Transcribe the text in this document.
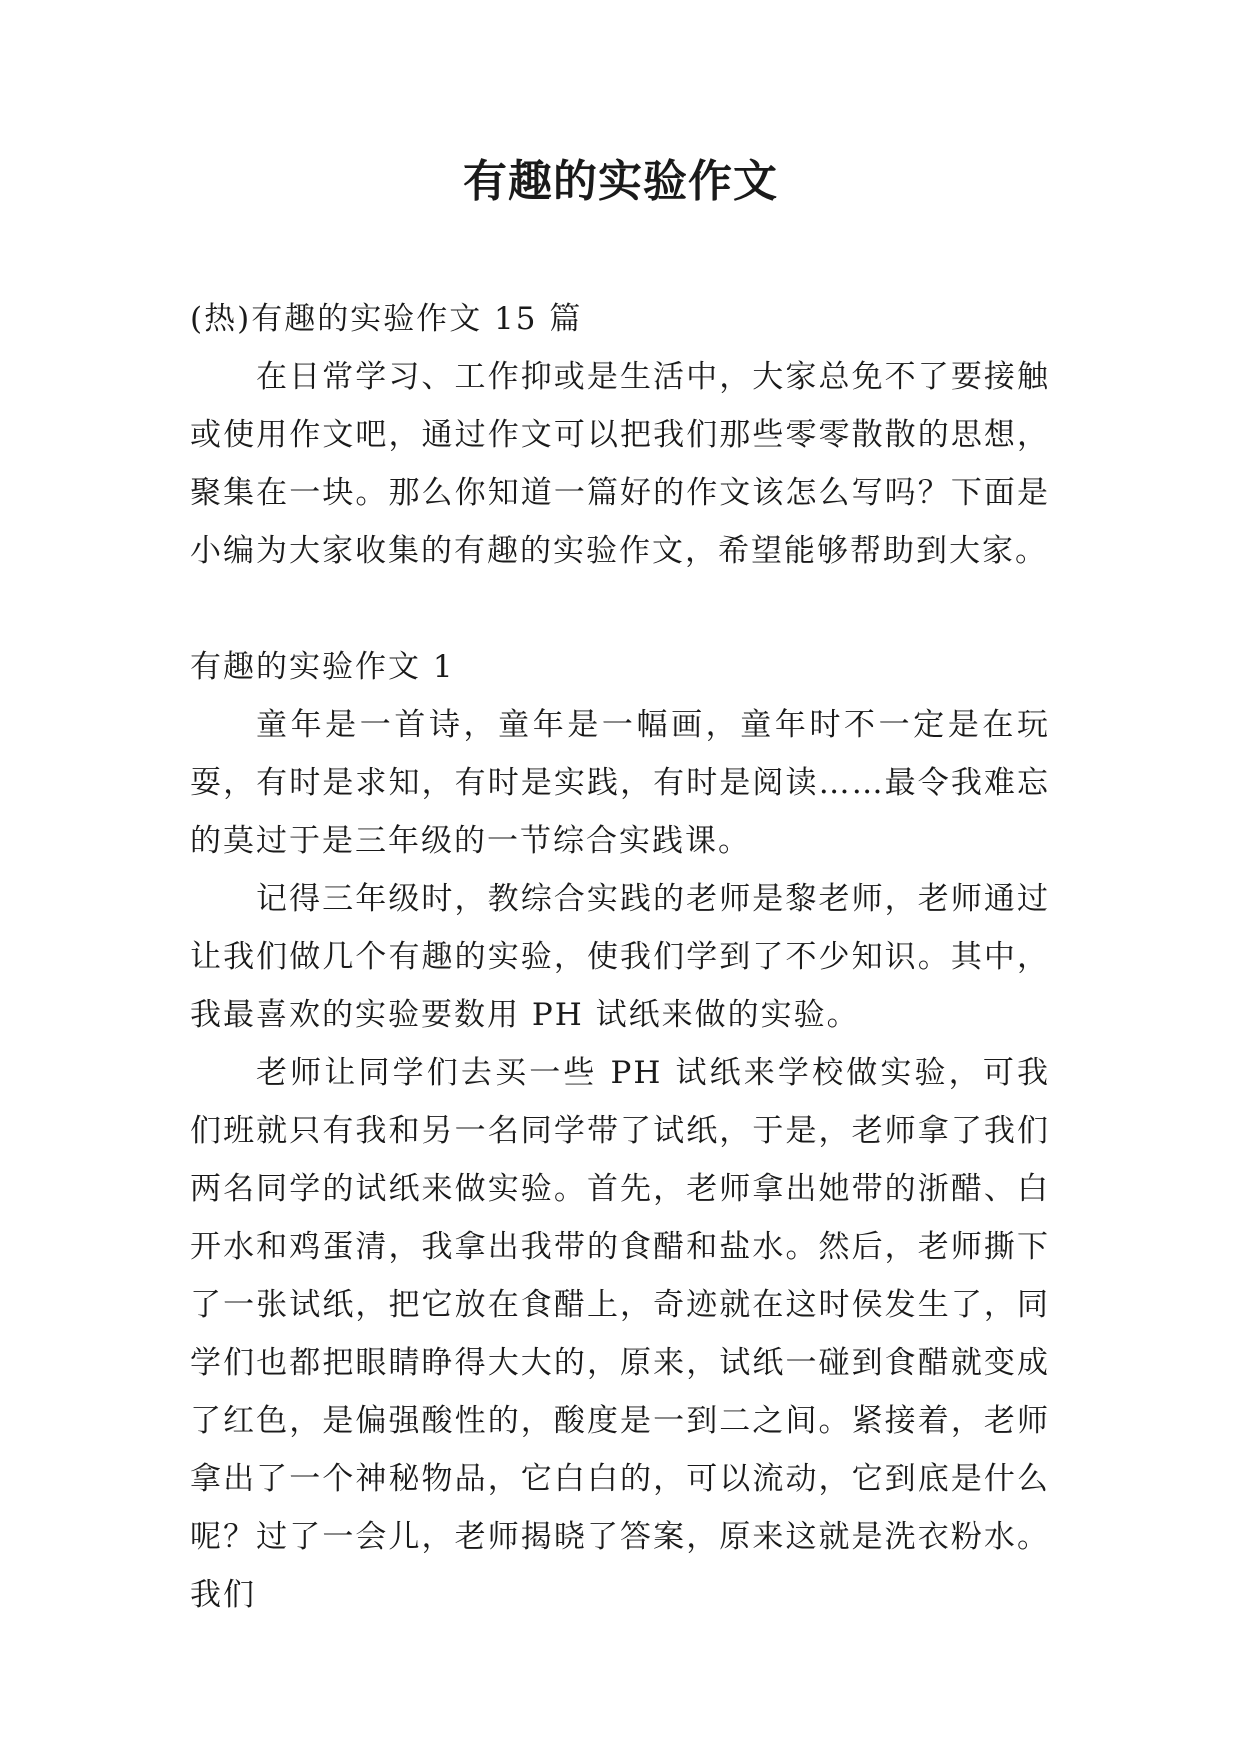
有趣的实验作文

(热)有趣的实验作文 15 篇

在日常学习、工作抑或是生活中，大家总免不了要接触或使用作文吧，通过作文可以把我们那些零零散散的思想，聚集在一块。那么你知道一篇好的作文该怎么写吗？下面是小编为大家收集的有趣的实验作文，希望能够帮助到大家。

有趣的实验作文 1

童年是一首诗，童年是一幅画，童年时不一定是在玩耍，有时是求知，有时是实践，有时是阅读……最令我难忘的莫过于是三年级的一节综合实践课。

记得三年级时，教综合实践的老师是黎老师，老师通过让我们做几个有趣的实验，使我们学到了不少知识。其中，我最喜欢的实验要数用 PH 试纸来做的实验。

老师让同学们去买一些 PH 试纸来学校做实验，可我们班就只有我和另一名同学带了试纸，于是，老师拿了我们两名同学的试纸来做实验。首先，老师拿出她带的浙醋、白开水和鸡蛋清，我拿出我带的食醋和盐水。然后，老师撕下了一张试纸，把它放在食醋上，奇迹就在这时侯发生了，同学们也都把眼睛睁得大大的，原来，试纸一碰到食醋就变成了红色，是偏强酸性的，酸度是一到二之间。紧接着，老师拿出了一个神秘物品，它白白的，可以流动，它到底是什么呢？过了一会儿，老师揭晓了答案，原来这就是洗衣粉水。我们
